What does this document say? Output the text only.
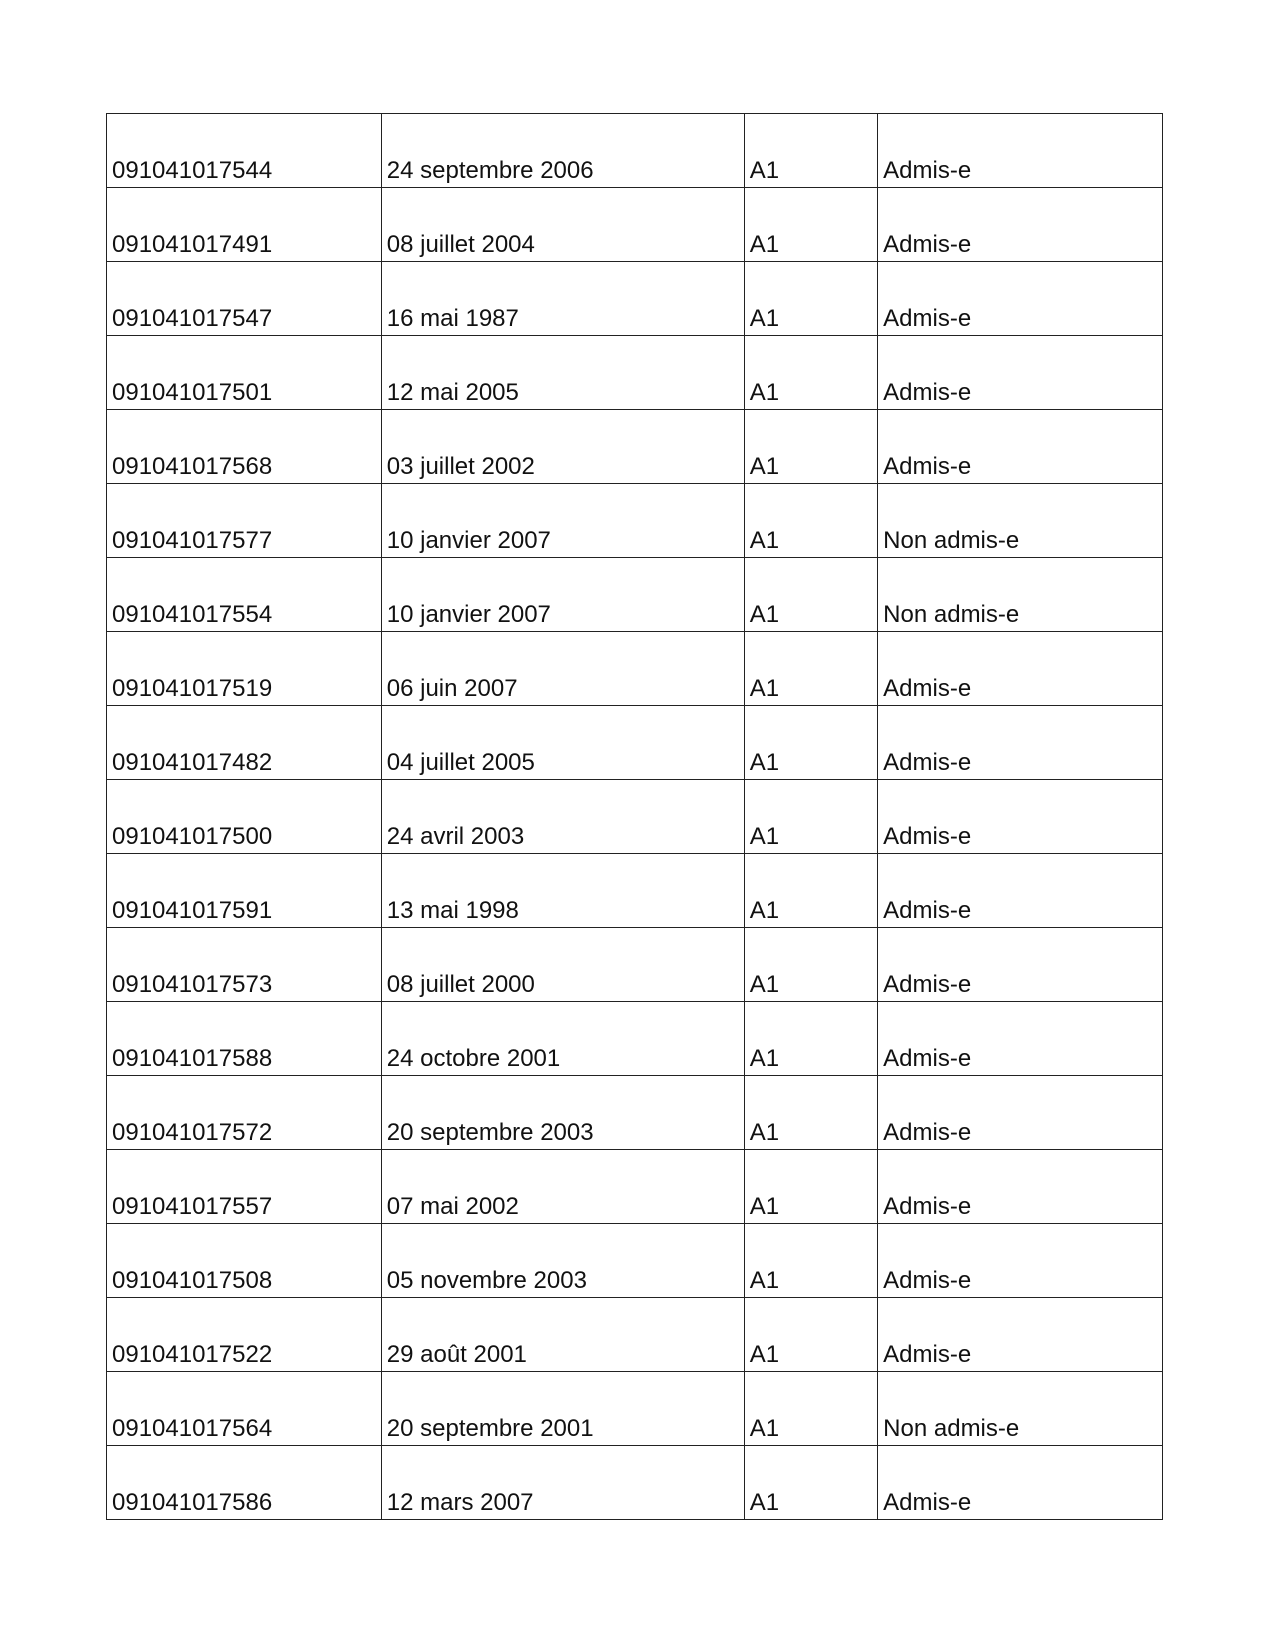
091041017544	24 septembre 2006	A1	Admis-e
091041017491	08 juillet 2004	A1	Admis-e
091041017547	16 mai 1987	A1	Admis-e
091041017501	12 mai 2005	A1	Admis-e
091041017568	03 juillet 2002	A1	Admis-e
091041017577	10 janvier 2007	A1	Non admis-e
091041017554	10 janvier 2007	A1	Non admis-e
091041017519	06 juin 2007	A1	Admis-e
091041017482	04 juillet 2005	A1	Admis-e
091041017500	24 avril 2003	A1	Admis-e
091041017591	13 mai 1998	A1	Admis-e
091041017573	08 juillet 2000	A1	Admis-e
091041017588	24 octobre 2001	A1	Admis-e
091041017572	20 septembre 2003	A1	Admis-e
091041017557	07 mai 2002	A1	Admis-e
091041017508	05 novembre 2003	A1	Admis-e
091041017522	29 août 2001	A1	Admis-e
091041017564	20 septembre 2001	A1	Non admis-e
091041017586	12 mars 2007	A1	Admis-e
